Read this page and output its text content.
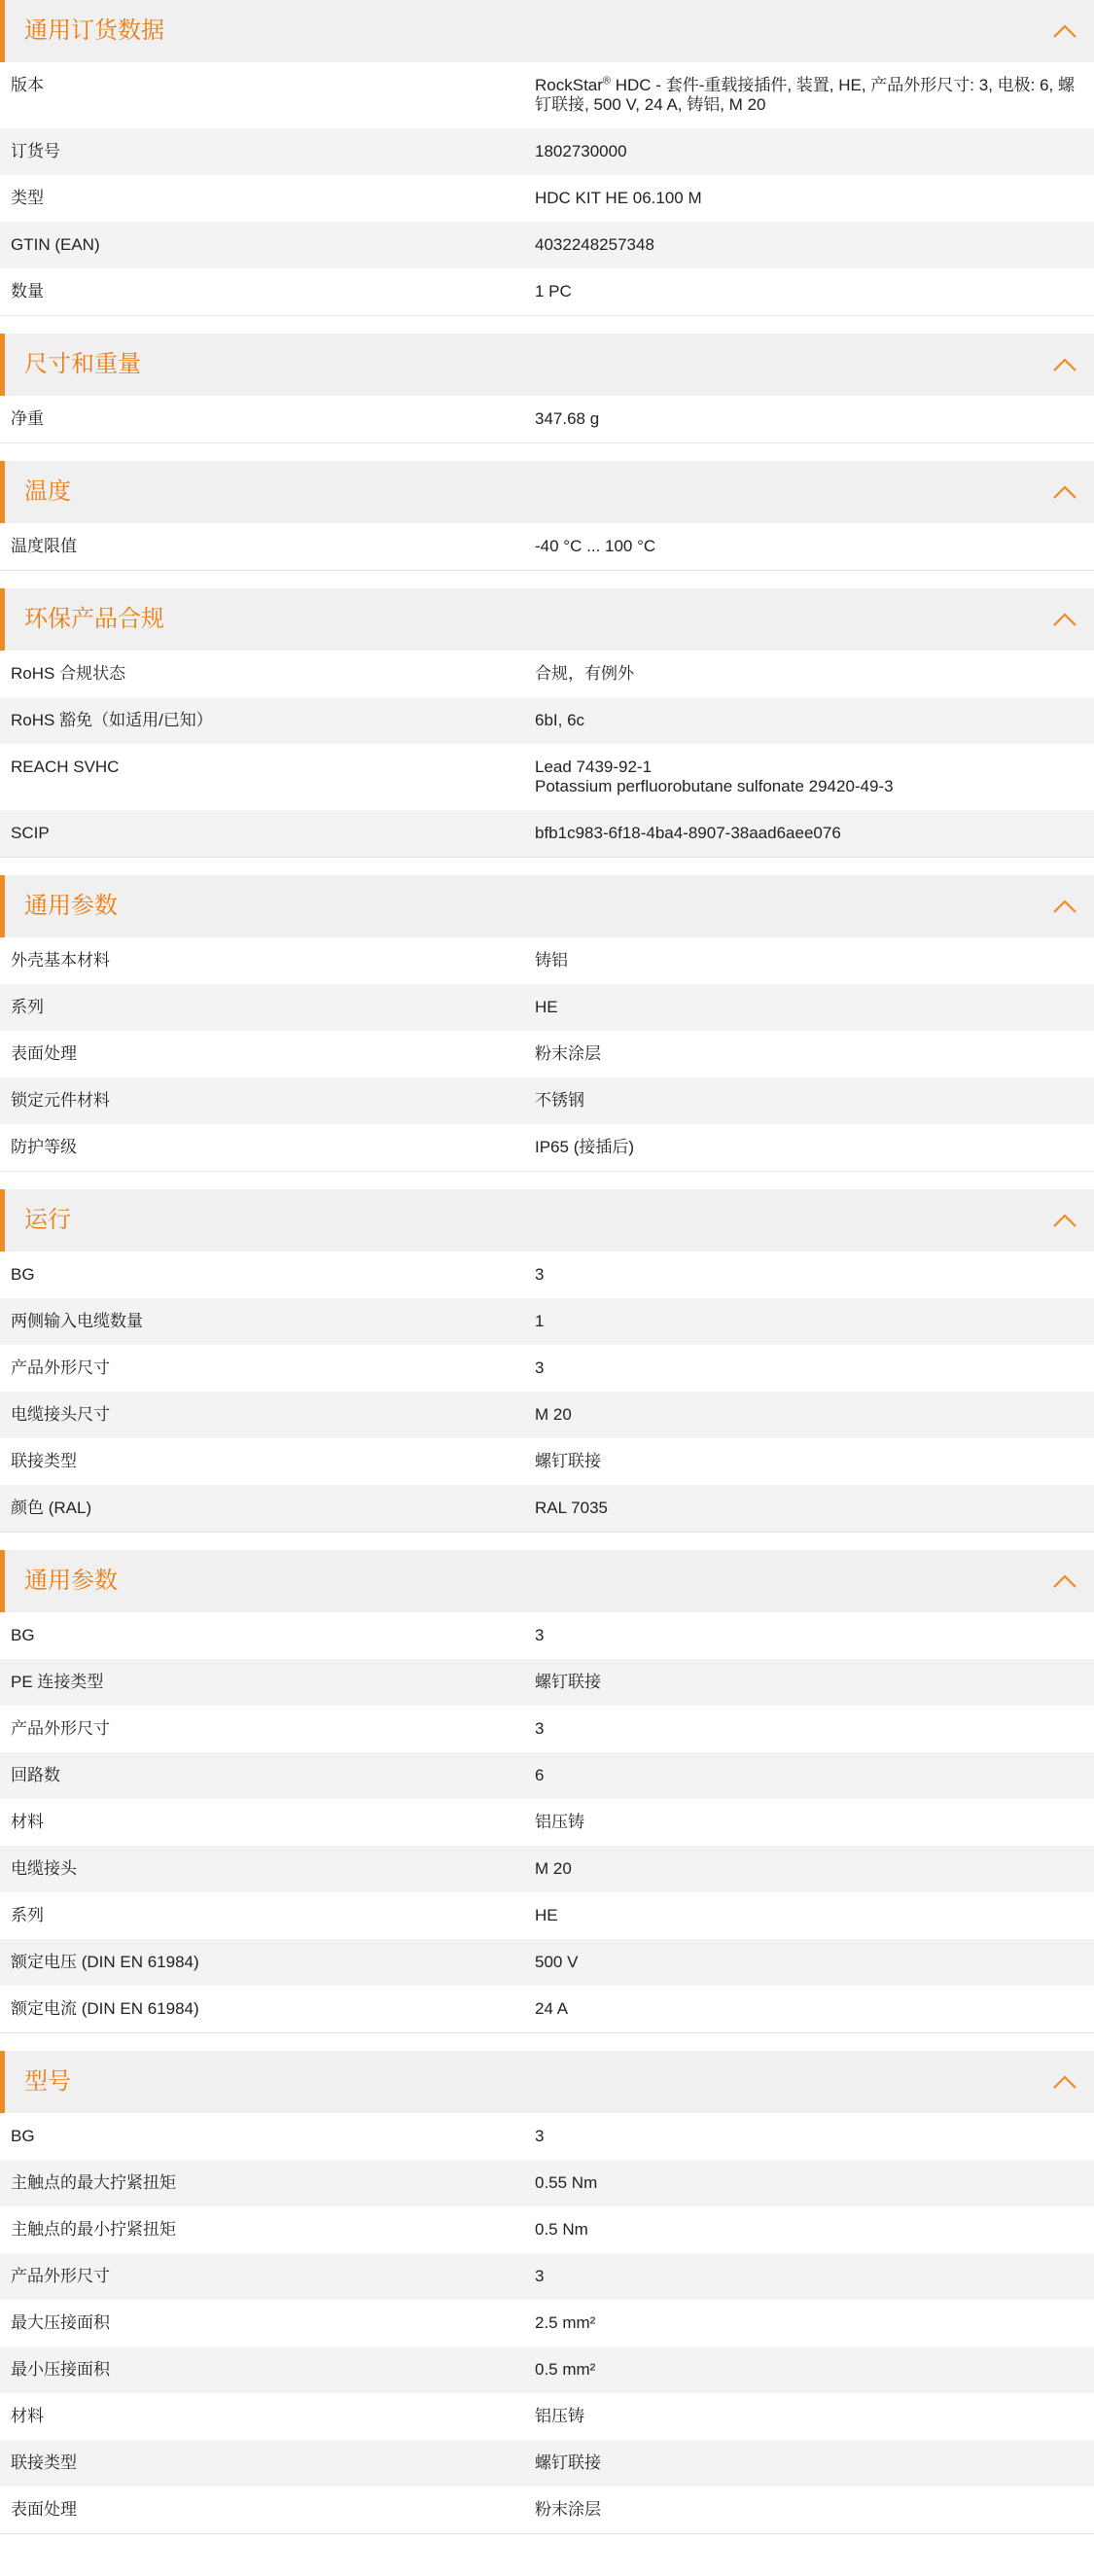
通用订货数据
版本	RockStar® HDC - 套件-重载接插件, 装置, HE, 产品外形尺寸: 3, 电极: 6, 螺钉联接, 500 V, 24 A, 铸铝, M 20
订货号	1802730000
类型	HDC KIT HE 06.100 M
GTIN (EAN)	4032248257348
数量	1 PC
尺寸和重量
净重	347.68 g
温度
温度限值	-40 °C ... 100 °C
环保产品合规
RoHS 合规状态	合规，有例外
RoHS 豁免（如适用/已知）	6bI, 6c
REACH SVHC	Lead 7439-92-1
Potassium perfluorobutane sulfonate 29420-49-3
SCIP	bfb1c983-6f18-4ba4-8907-38aad6aee076
通用参数
外壳基本材料	铸铝
系列	HE
表面处理	粉末涂层
锁定元件材料	不锈钢
防护等级	IP65 (接插后)
运行
BG	3
两侧输入电缆数量	1
产品外形尺寸	3
电缆接头尺寸	M 20
联接类型	螺钉联接
颜色 (RAL)	RAL 7035
通用参数
BG	3
PE 连接类型	螺钉联接
产品外形尺寸	3
回路数	6
材料	铝压铸
电缆接头	M 20
系列	HE
额定电压 (DIN EN 61984)	500 V
额定电流 (DIN EN 61984)	24 A
型号
BG	3
主触点的最大拧紧扭矩	0.55 Nm
主触点的最小拧紧扭矩	0.5 Nm
产品外形尺寸	3
最大压接面积	2.5 mm²
最小压接面积	0.5 mm²
材料	铝压铸
联接类型	螺钉联接
表面处理	粉末涂层
